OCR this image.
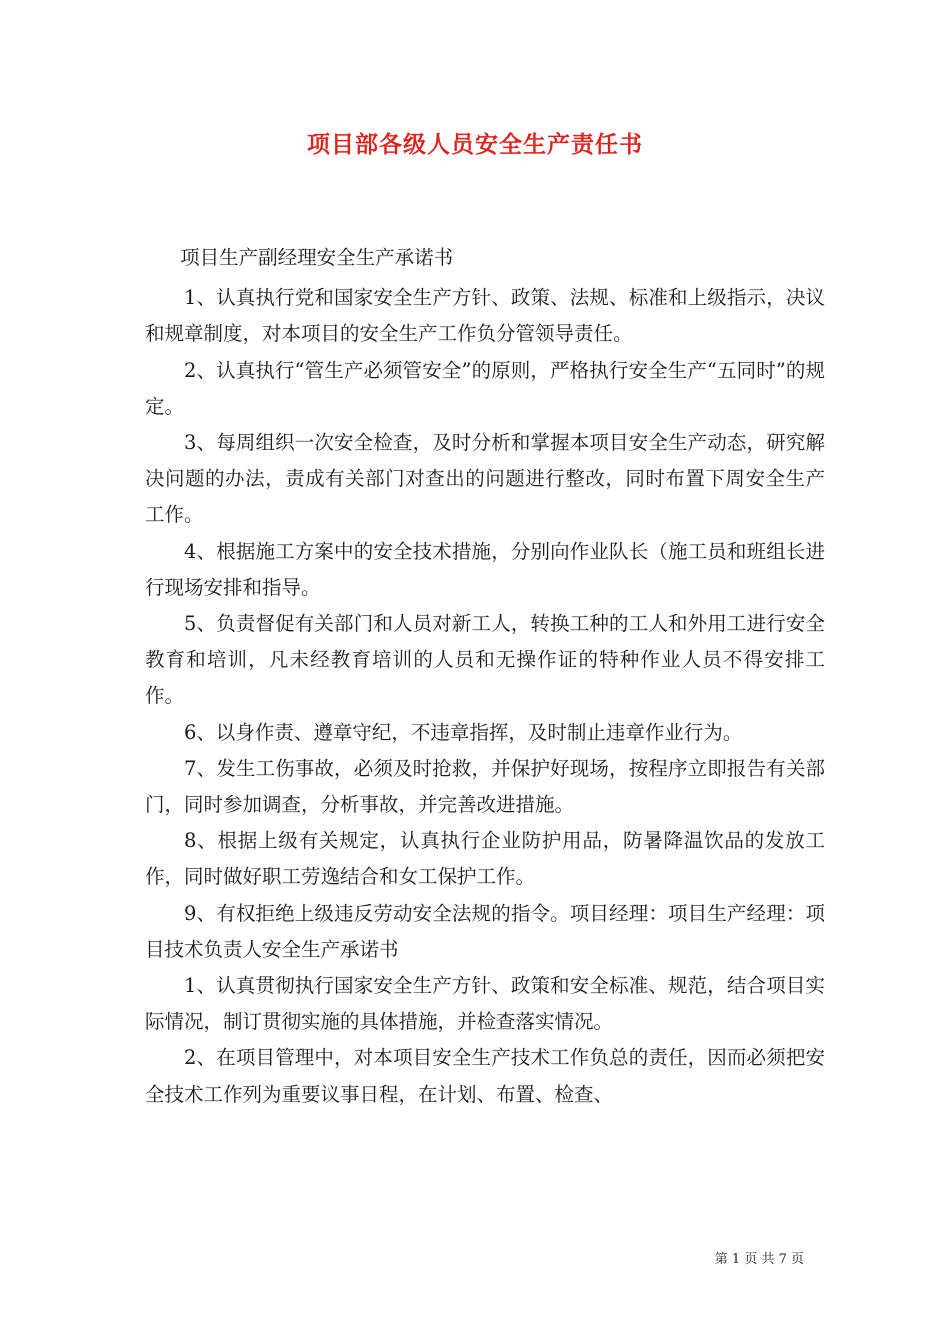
项目部各级人员安全生产责任书

项目生产副经理安全生产承诺书

1、认真执行党和国家安全生产方针、政策、法规、标准和上级指示，决议和规章制度，对本项目的安全生产工作负分管领导责任。

2、认真执行“管生产必须管安全”的原则，严格执行安全生产“五同时”的规定。

3、每周组织一次安全检查，及时分析和掌握本项目安全生产动态，研究解决问题的办法，责成有关部门对查出的问题进行整改，同时布置下周安全生产工作。

4、根据施工方案中的安全技术措施，分别向作业队长（施工员和班组长进行现场安排和指导。

5、负责督促有关部门和人员对新工人，转换工种的工人和外用工进行安全教育和培训，凡未经教育培训的人员和无操作证的特种作业人员不得安排工作。

6、以身作责、遵章守纪，不违章指挥，及时制止违章作业行为。

7、发生工伤事故，必须及时抢救，并保护好现场，按程序立即报告有关部门，同时参加调查，分析事故，并完善改进措施。

8、根据上级有关规定，认真执行企业防护用品，防暑降温饮品的发放工作，同时做好职工劳逸结合和女工保护工作。

9、有权拒绝上级违反劳动安全法规的指令。项目经理：项目生产经理：项目技术负责人安全生产承诺书

1、认真贯彻执行国家安全生产方针、政策和安全标准、规范，结合项目实际情况，制订贯彻实施的具体措施，并检查落实情况。

2、在项目管理中，对本项目安全生产技术工作负总的责任，因而必须把安全技术工作列为重要议事日程，在计划、布置、检查、

第 1 页 共 7 页
